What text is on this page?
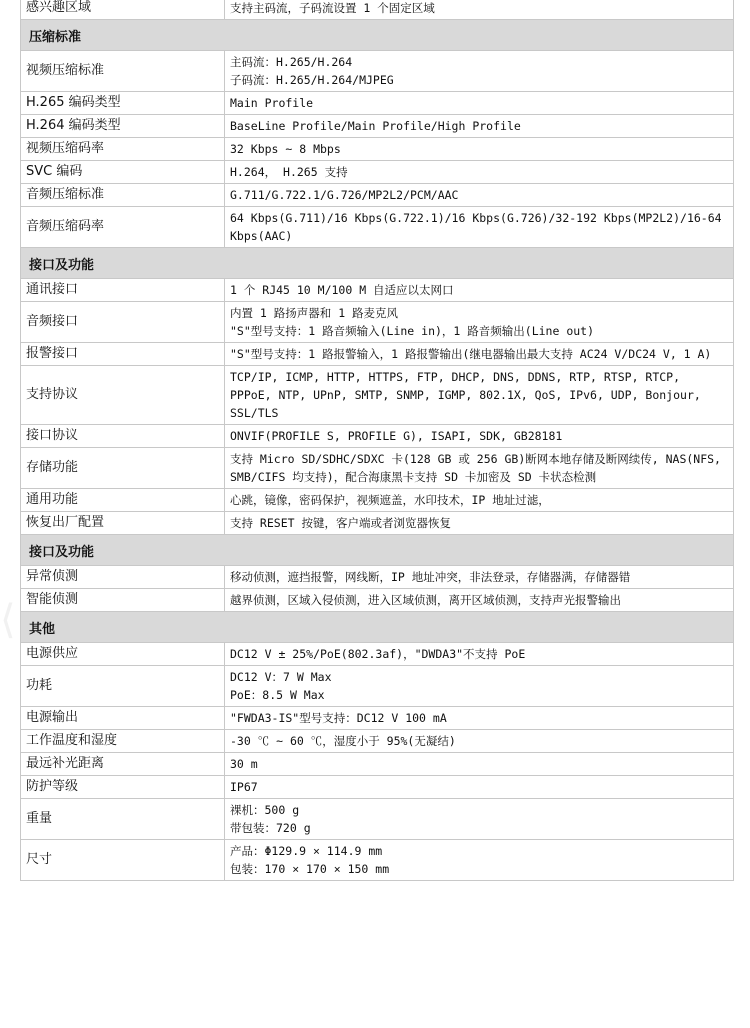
⟨
感兴趣区域	支持主码流，子码流设置 1 个固定区域

压缩标准	
视频压缩标准	主码流：H.265/H.264
子码流：H.265/H.264/MJPEG

H.265 编码类型	Main Profile

H.264 编码类型	BaseLine Profile/Main Profile/High Profile

视频压缩码率	32 Kbps ~ 8 Mbps

SVC 编码	H.264， H.265 支持

音频压缩标准	G.711/G.722.1/G.726/MP2L2/PCM/AAC

音频压缩码率	64 Kbps(G.711)/16 Kbps(G.722.1)/16 Kbps(G.726)/32-192 Kbps(MP2L2)/16-64 Kbps(AAC)

接口及功能	
通讯接口	1 个 RJ45 10 M/100 M 自适应以太网口

音频接口	内置 1 路扬声器和 1 路麦克风
"S"型号支持：1 路音频输入(Line in)，1 路音频输出(Line out)

报警接口	"S"型号支持：1 路报警输入，1 路报警输出(继电器输出最大支持 AC24 V/DC24 V, 1 A)

支持协议	TCP/IP, ICMP, HTTP, HTTPS, FTP, DHCP, DNS, DDNS, RTP, RTSP, RTCP, PPPoE, NTP, UPnP, SMTP, SNMP, IGMP, 802.1X, QoS, IPv6, UDP, Bonjour, SSL/TLS

接口协议	ONVIF(PROFILE S, PROFILE G), ISAPI, SDK, GB28181

存储功能	支持 Micro SD/SDHC/SDXC 卡(128 GB 或 256 GB)断网本地存储及断网续传, NAS(NFS, SMB/CIFS 均支持)，配合海康黑卡支持 SD 卡加密及 SD 卡状态检测

通用功能	心跳，镜像，密码保护，视频遮盖，水印技术，IP 地址过滤，

恢复出厂配置	支持 RESET 按键，客户端或者浏览器恢复

接口及功能	
异常侦测	移动侦测，遮挡报警，网线断，IP 地址冲突，非法登录，存储器满，存储器错

智能侦测	越界侦测，区域入侵侦测，进入区域侦测，离开区域侦测，支持声光报警输出

其他	
电源供应	DC12 V ± 25%/PoE(802.3af)，"DWDA3"不支持 PoE

功耗	DC12 V：7 W Max
PoE：8.5 W Max

电源输出	"FWDA3-IS"型号支持：DC12 V 100 mA

工作温度和湿度	-30 ℃ ~ 60 ℃，湿度小于 95%(无凝结)

最远补光距离	30 m

防护等级	IP67

重量	裸机：500 g
带包装：720 g

尺寸	产品：Φ129.9 × 114.9 mm
包装：170 × 170 × 150 mm
